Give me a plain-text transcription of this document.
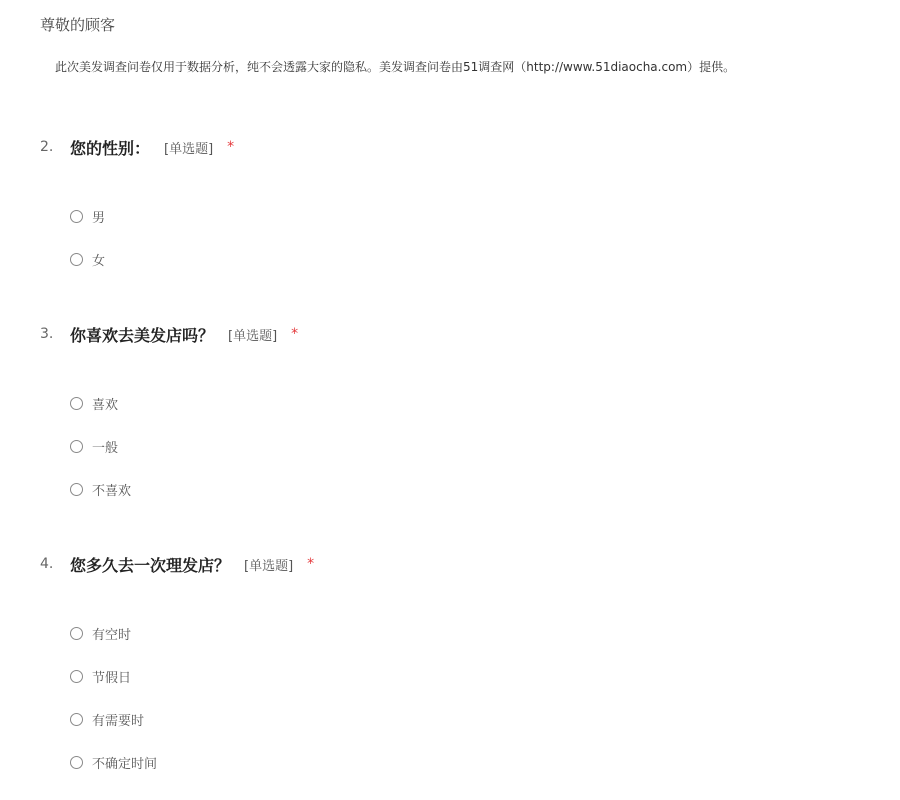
尊敬的顾客
此次美发调查问卷仅用于数据分析，纯不会透露大家的隐私。美发调查问卷由51调查网（http://www.51diaocha.com）提供。
2.	您的性别： [单选题] *
男
女
3.	你喜欢去美发店吗？ [单选题] *
喜欢
一般
不喜欢
4.	您多久去一次理发店？ [单选题] *
有空时
节假日
有需要时
不确定时间
